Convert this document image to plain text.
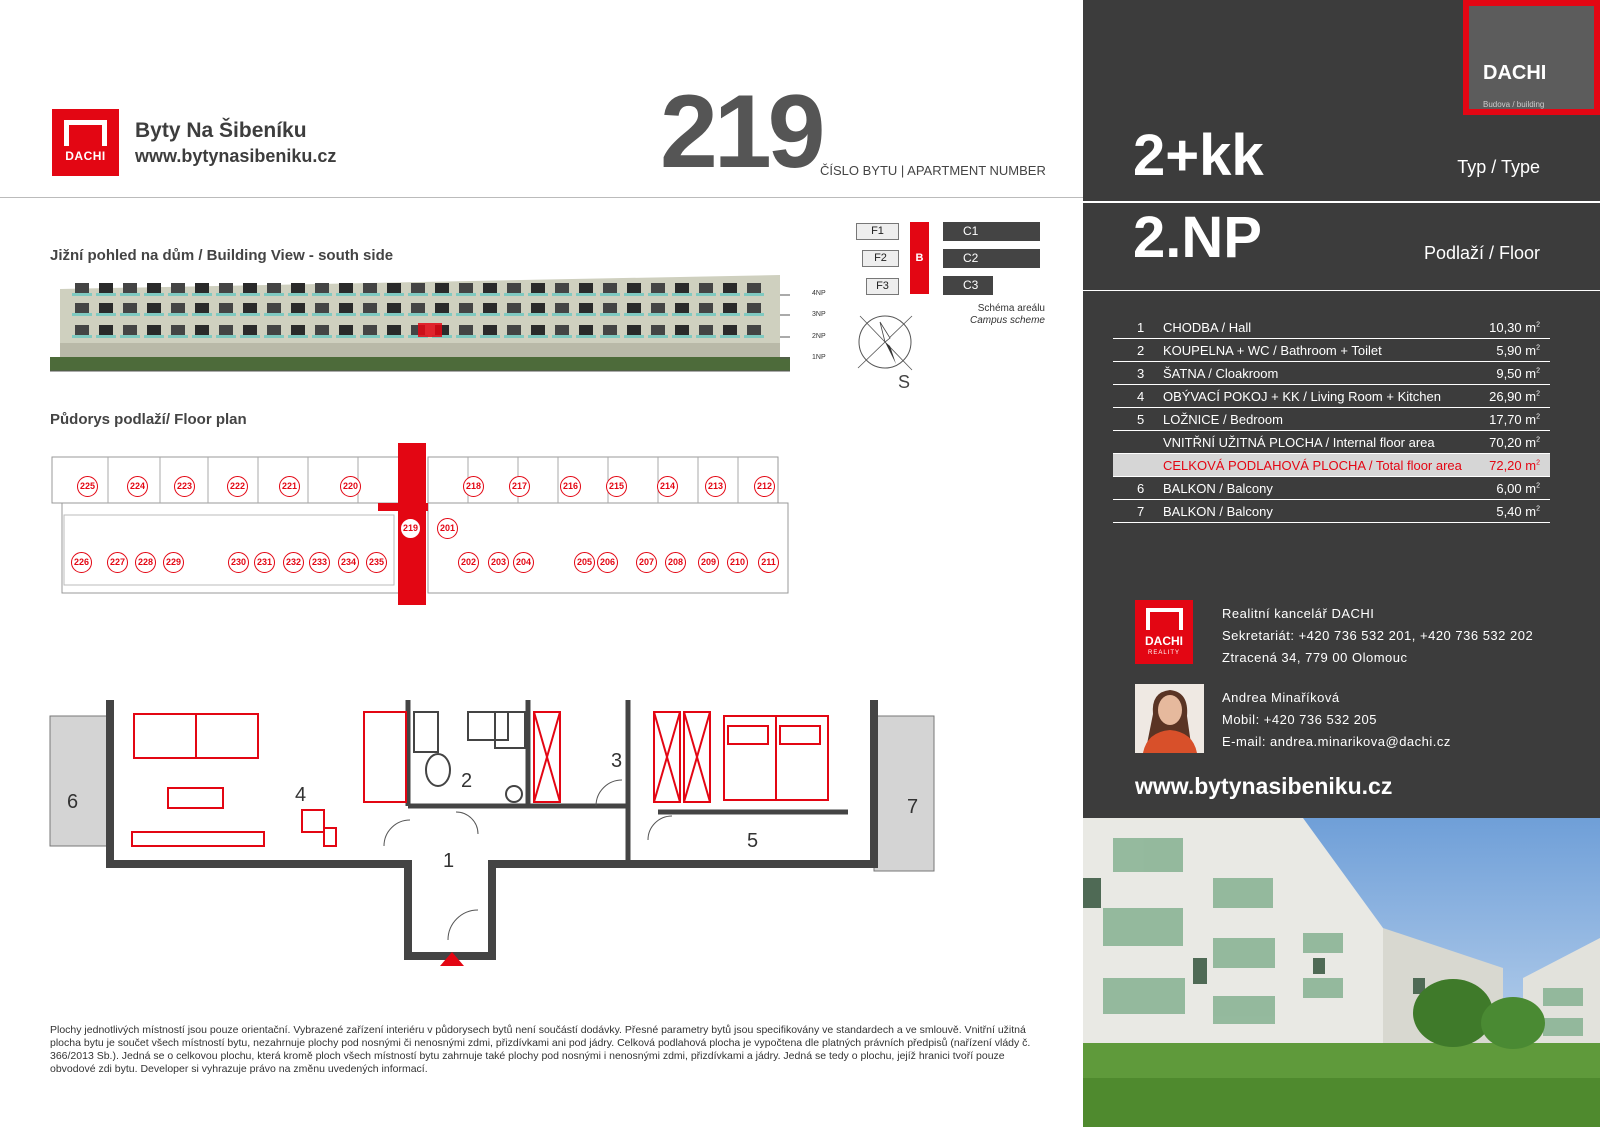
DACHI
Byty Na Šibeníku
www.bytynasibeniku.cz	219
ČÍSLO BYTU | APARTMENT NUMBER
Jižní pohled na dům / Building View - south side
4NP
3NP
2NP
1NP
F1
F2
F3
B
C1
C2
C3
Schéma areálu
Campus scheme
S
Půdorys podlaží/ Floor plan
225	224	223	222	221	220	218	217	216	215	214	213	212
226	227	228	229	230	231	232	233	234	235	202	203	204	205 206	207	208	209	210	211
219	201
1
2
3
4
5
6	7
Plochy jednotlivých místností jsou pouze orientační. Vybrazené zařízení interiéru v půdorysech bytů není součástí dodávky. Přesné parametry bytů jsou specifikovány ve standardech a ve smlouvě. Vnitřní užitná plocha bytu je součet všech místností bytu, nezahrnuje plochy pod nosnými či nenosnými zdmi, přizdívkami ani pod jádry. Celková podlahová plocha je vypočtena dle platných právních předpisů (nařízení vlády č. 366/2013 Sb.). Jedná se o celkovou plochu, která kromě ploch všech místností bytu zahrnuje také plochy pod nosnými i nenosnými zdmi, přizdívkami a jádry. Jedná se tedy o plochu, jejíž hranici tvoří pouze obvodové zdi bytu. Developer si vyhrazuje právo na změnu uvedených informací.
DACHI
Budova / building
2+kk	Typ / Type
2.NP	Podlaží / Floor
1 CHODBA / Hall	10,30 $m^2$
2 KOUPELNA + WC / Bathroom + Toilet	5,90 $m^2$
3 ŠATNA / Cloakroom	9,50 $m^2$
4 OBÝVACÍ POKOJ + KK / Living Room + Kitchen	26,90 $m^2$
5 LOŽNICE / Bedroom	17,70 $m^2$
VNITŘNÍ UŽITNÁ PLOCHA / Internal floor area	70,20 $m^2$
CELKOVÁ PODLAHOVÁ PLOCHA / Total floor area 72,20 $m^2$
6 BALKON / Balcony	6,00 $m^2$
7 BALKON / Balcony	5,40 $m^2$
DACHI
REALITY
Realitní kancelář DACHI
Sekretariát: +420 736 532 201, +420 736 532 202
Ztracená 34, 779 00 Olomouc
Andrea Minaříková
Mobil: +420 736 532 205
E-mail: andrea.minarikova@dachi.cz
www.bytynasibeniku.cz
